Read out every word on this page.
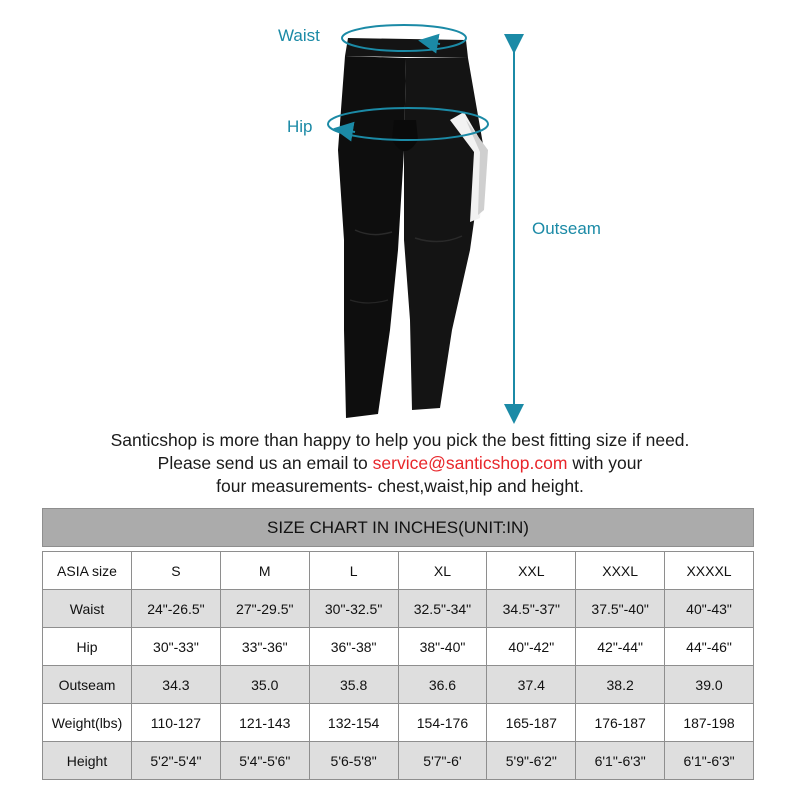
Waist
Hip
Outseam
Santicshop is more than happy to help you pick the best fitting size if need.
Please send us an email to service@santicshop.com with your
four measurements- chest,waist,hip and height.
SIZE CHART IN INCHES(UNIT:IN)
ASIA size	S	M	L	XL	XXL	XXXL	XXXXL
Waist	24"-26.5"	27"-29.5"	30"-32.5"	32.5"-34"	34.5"-37"	37.5"-40"	40"-43"
Hip	30"-33"	33"-36"	36"-38"	38"-40"	40"-42"	42"-44"	44"-46"
Outseam	34.3	35.0	35.8	36.6	37.4	38.2	39.0
Weight(lbs)	110-127	121-143	132-154	154-176	165-187	176-187	187-198
Height	5'2"-5'4"	5'4"-5'6"	5'6-5'8"	5'7"-6'	5'9"-6'2"	6'1"-6'3"	6'1"-6'3"
